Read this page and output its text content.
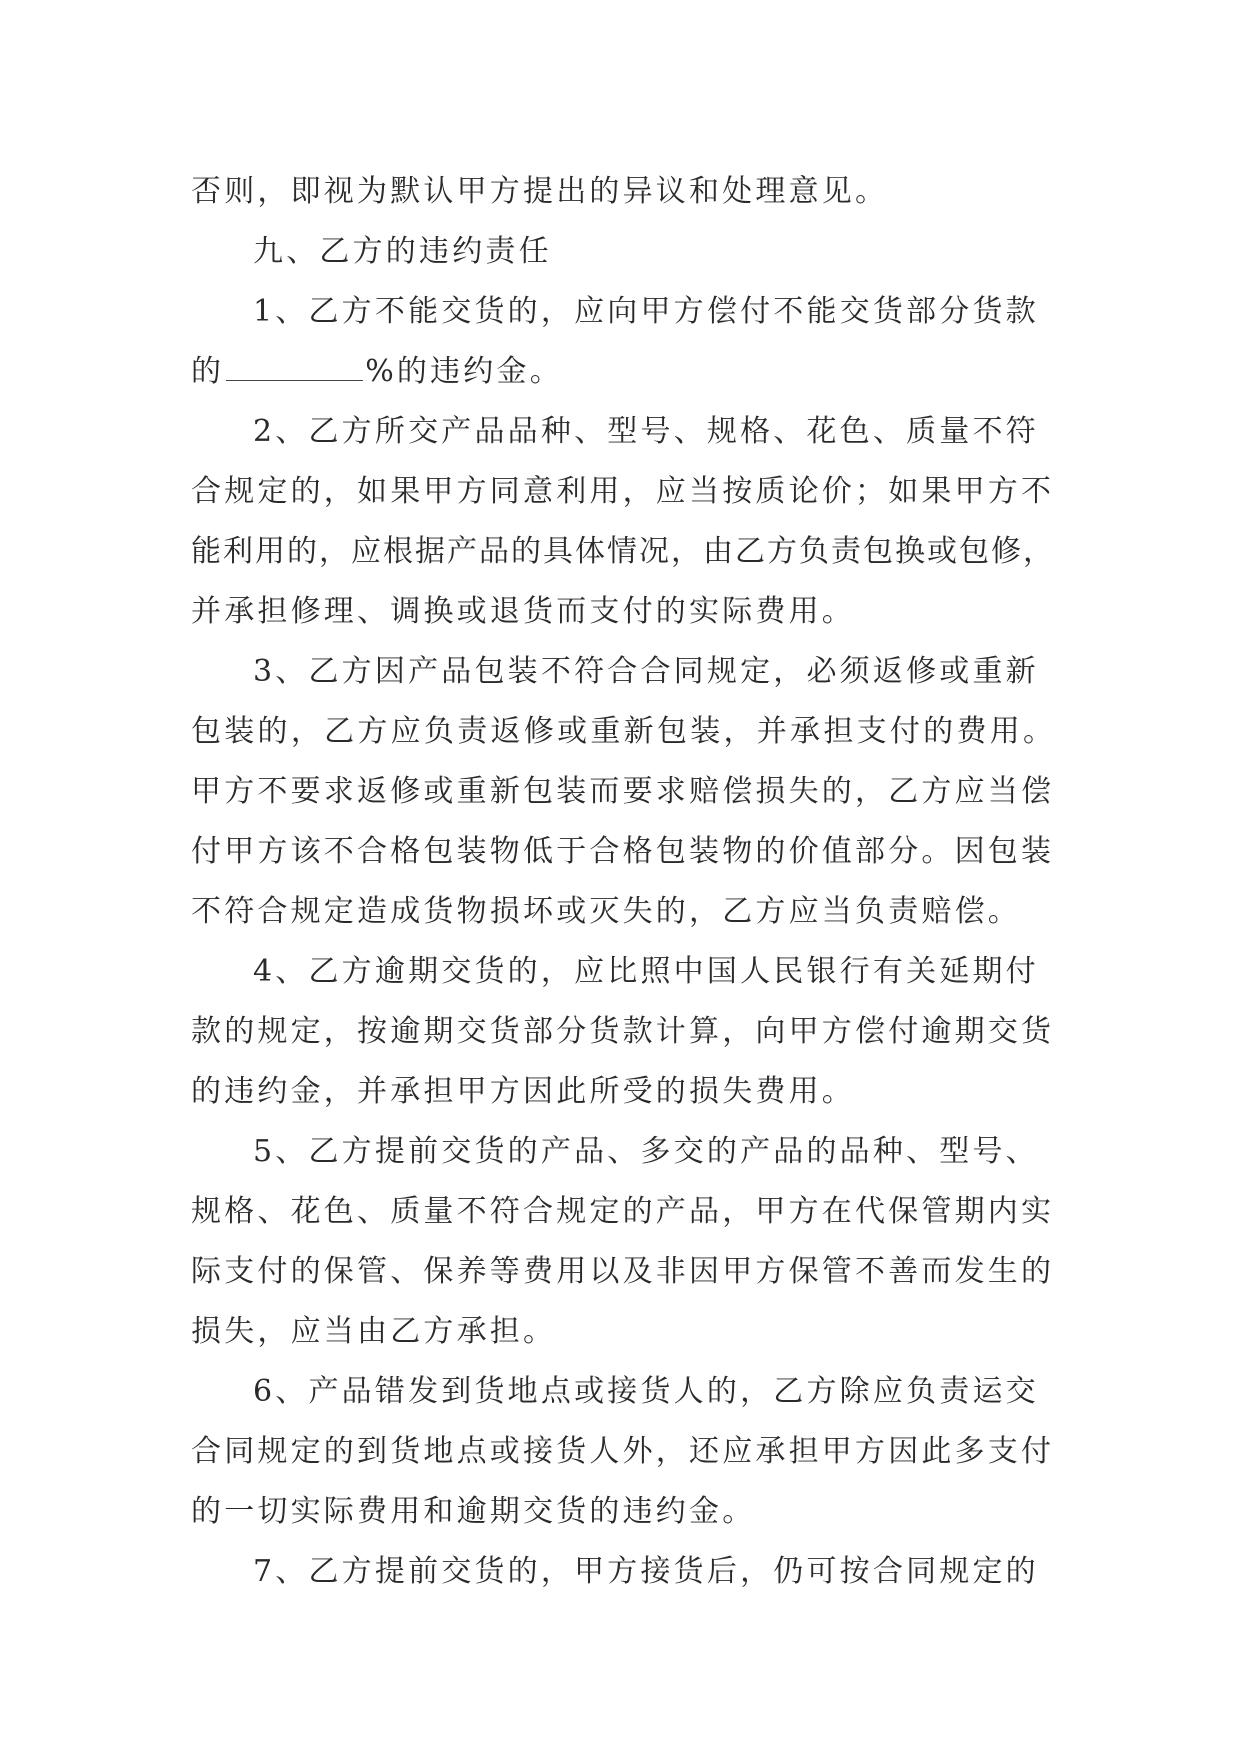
否则，即视为默认甲方提出的异议和处理意见。
九、乙方的违约责任
1、乙方不能交货的，应向甲方偿付不能交货部分货款
的	%的违约金。
2、乙方所交产品品种、型号、规格、花色、质量不符
合规定的，如果甲方同意利用，应当按质论价；如果甲方不
能利用的，应根据产品的具体情况，由乙方负责包换或包修，
并承担修理、调换或退货而支付的实际费用。
3、乙方因产品包装不符合合同规定，必须返修或重新
包装的，乙方应负责返修或重新包装，并承担支付的费用。
甲方不要求返修或重新包装而要求赔偿损失的，乙方应当偿
付甲方该不合格包装物低于合格包装物的价值部分。因包装
不符合规定造成货物损坏或灭失的，乙方应当负责赔偿。
4、乙方逾期交货的，应比照中国人民银行有关延期付
款的规定，按逾期交货部分货款计算，向甲方偿付逾期交货
的违约金，并承担甲方因此所受的损失费用。
5、乙方提前交货的产品、多交的产品的品种、型号、
规格、花色、质量不符合规定的产品，甲方在代保管期内实
际支付的保管、保养等费用以及非因甲方保管不善而发生的
损失，应当由乙方承担。
6、产品错发到货地点或接货人的，乙方除应负责运交
合同规定的到货地点或接货人外，还应承担甲方因此多支付
的一切实际费用和逾期交货的违约金。
7、乙方提前交货的，甲方接货后，仍可按合同规定的
